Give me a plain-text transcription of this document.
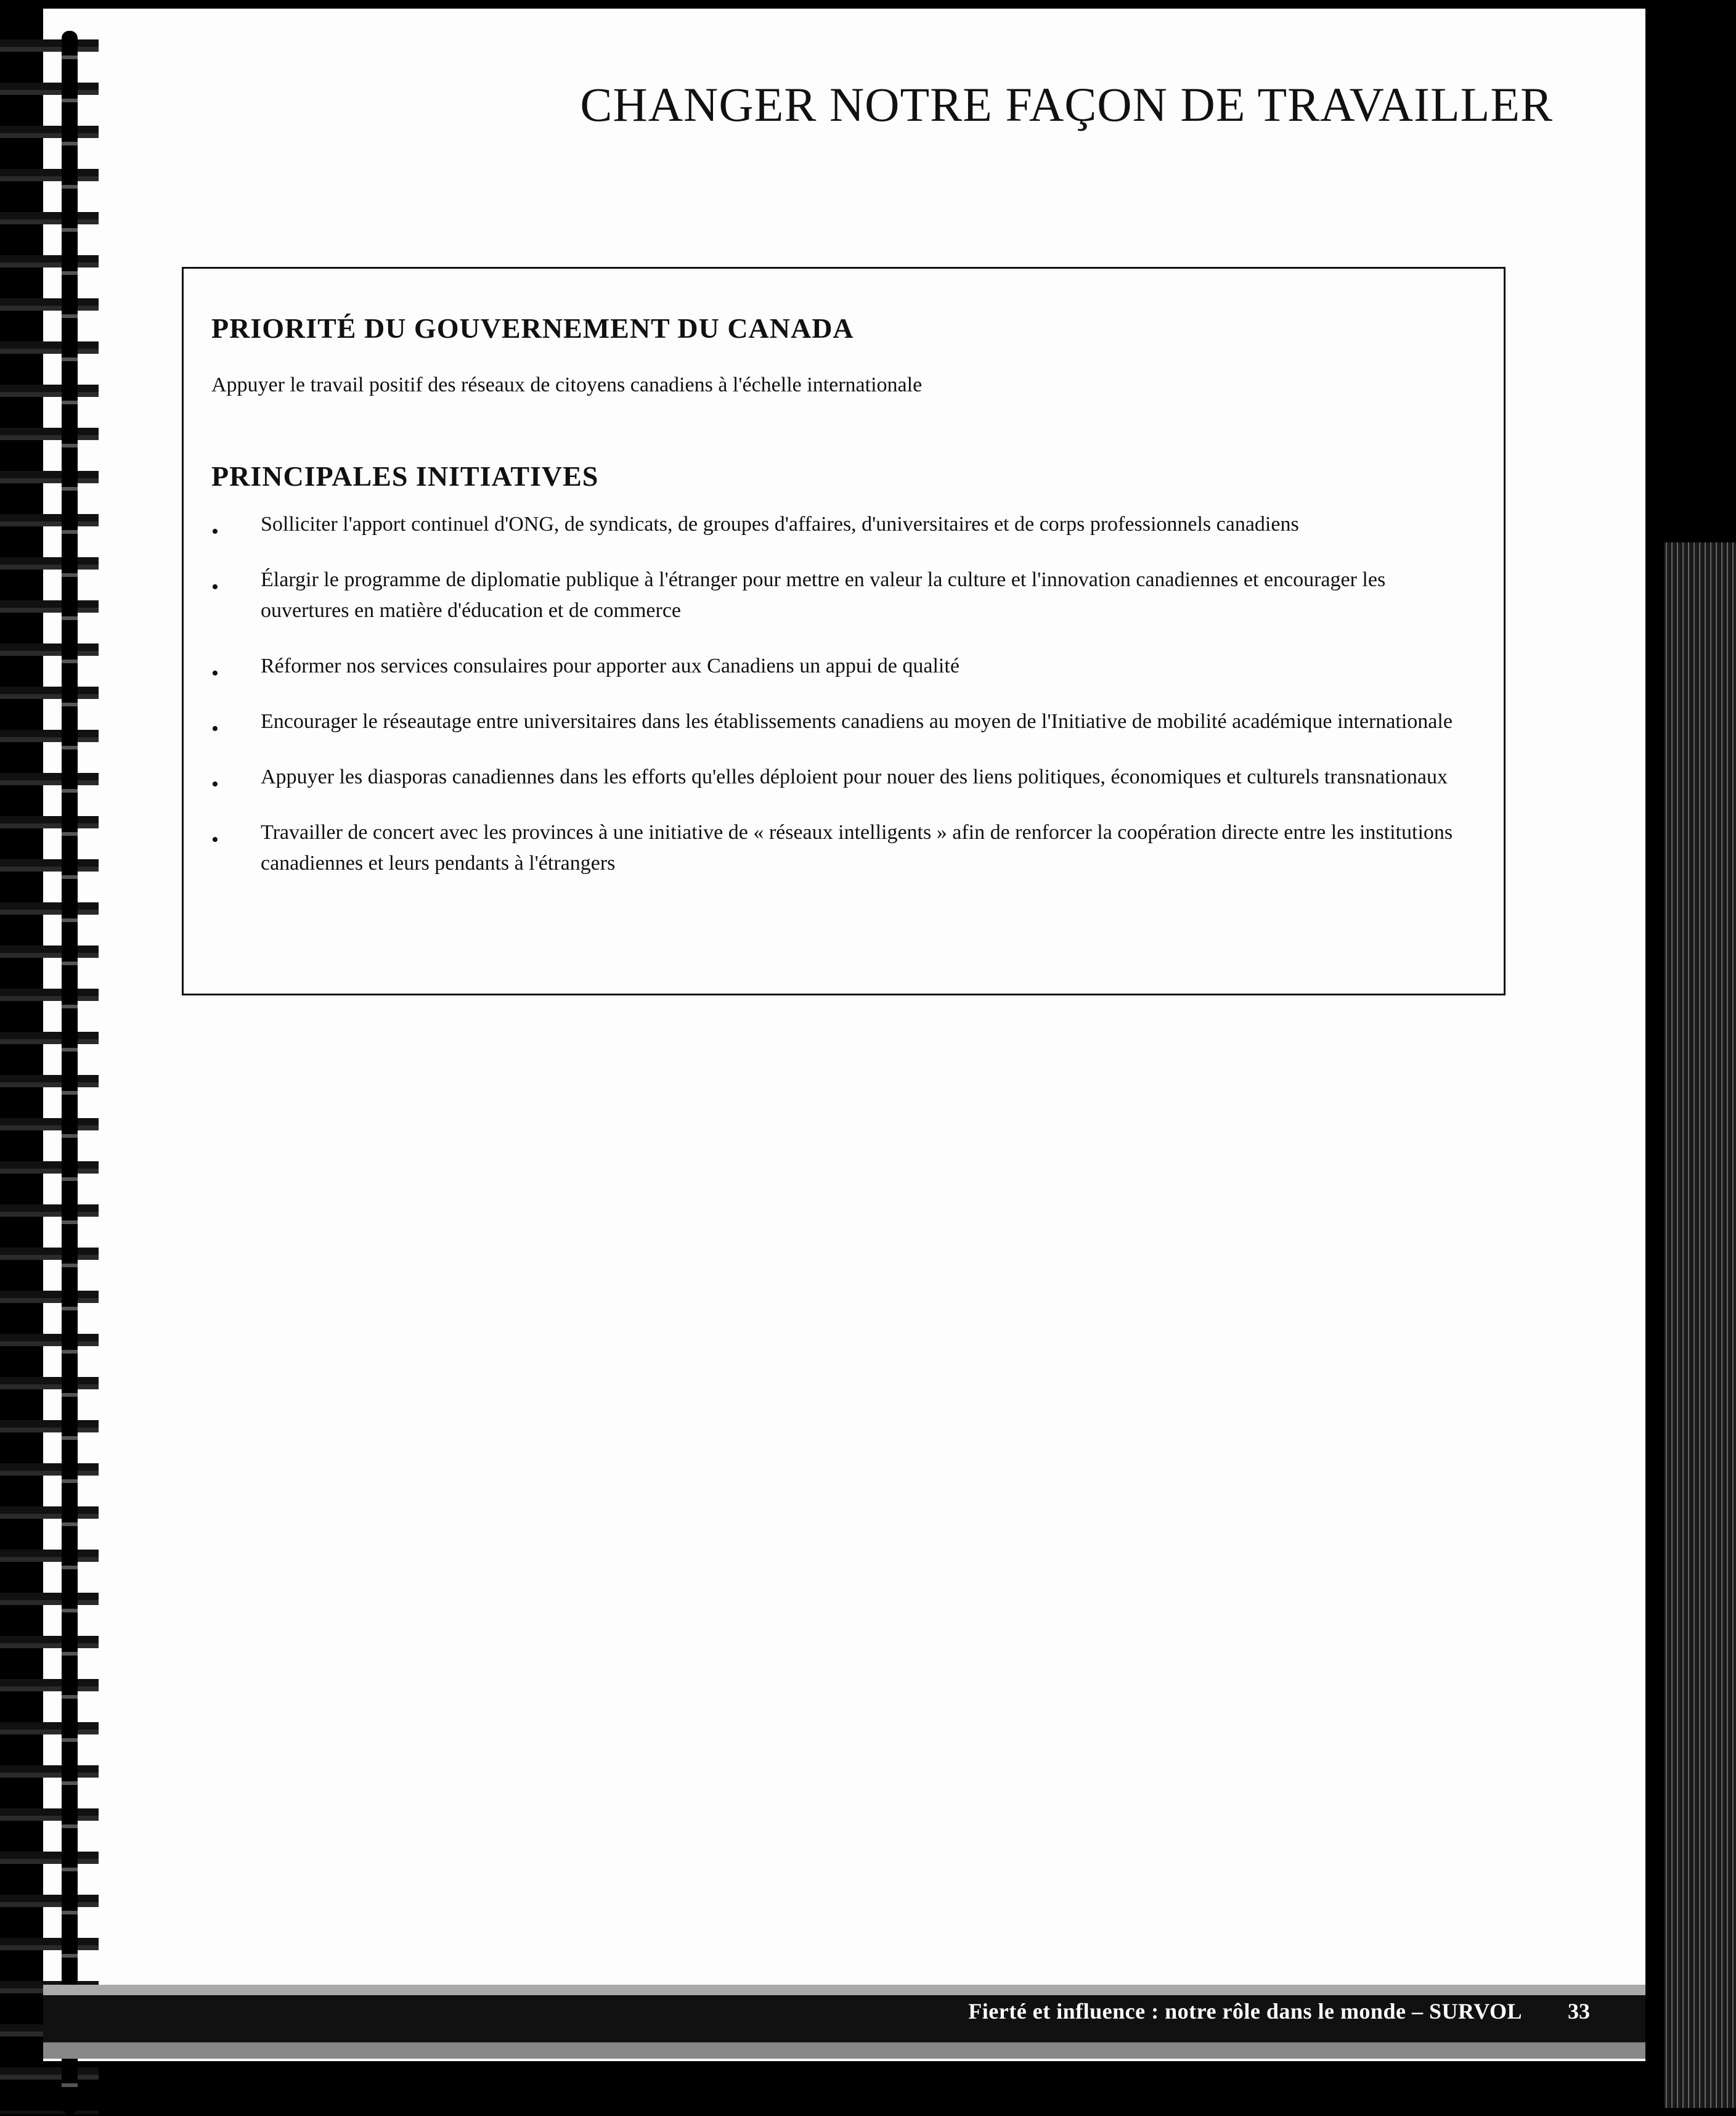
CHANGER NOTRE FAÇON DE TRAVAILLER
PRIORITÉ DU GOUVERNEMENT DU CANADA

Appuyer le travail positif des réseaux de citoyens canadiens à l'échelle internationale

PRINCIPALES INITIATIVES
• Solliciter l'apport continuel d'ONG, de syndicats, de groupes d'affaires, d'universitaires et de corps professionnels canadiens
• Élargir le programme de diplomatie publique à l'étranger pour mettre en valeur la culture et l'innovation canadiennes et encourager les ouvertures en matière d'éducation et de commerce
• Réformer nos services consulaires pour apporter aux Canadiens un appui de qualité
• Encourager le réseautage entre universitaires dans les établissements canadiens au moyen de l'Initiative de mobilité académique internationale
• Appuyer les diasporas canadiennes dans les efforts qu'elles déploient pour nouer des liens politiques, économiques et culturels transnationaux
• Travailler de concert avec les provinces à une initiative de « réseaux intelligents » afin de renforcer la coopération directe entre les institutions canadiennes et leurs pendants à l'étrangers
Fierté et influence : notre rôle dans le monde – SURVOL 33
